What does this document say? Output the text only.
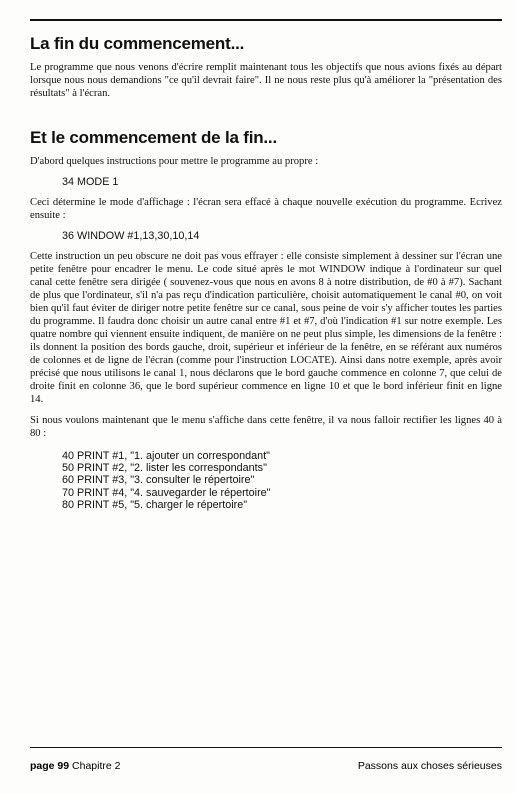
La fin du commencement...

Le programme que nous venons d'écrire remplit maintenant tous les objectifs que nous avions fixés au départ lorsque nous nous demandions "ce qu'il devrait faire". Il ne nous reste plus qu'à améliorer la "présentation des résultats" à l'écran.

Et le commencement de la fin...

D'abord quelques instructions pour mettre le programme au propre :

34 MODE 1

Ceci détermine le mode d'affichage : l'écran sera effacé à chaque nouvelle exécution du programme. Ecrivez ensuite :

36 WINDOW #1,13,30,10,14

Cette instruction un peu obscure ne doit pas vous effrayer : elle consiste simplement à dessiner sur l'écran une petite fenêtre pour encadrer le menu. Le code situé après le mot WINDOW indique à l'ordinateur sur quel canal cette fenêtre sera dirigée ( souvenez-vous que nous en avons 8 à notre distribution, de #0 à #7). Sachant de plus que l'ordinateur, s'il n'a pas reçu d'indication particulière, choisit automatiquement le canal #0, on voit bien qu'il faut éviter de diriger notre petite fenêtre sur ce canal, sous peine de voir s'y afficher toutes les parties du programme. Il faudra donc choisir un autre canal entre #1 et #7, d'où l'indication #1 sur notre exemple. Les quatre nombre qui viennent ensuite indiquent, de manière on ne peut plus simple, les dimensions de la fenêtre : ils donnent la position des bords gauche, droit, supérieur et inférieur de la fenêtre, en se référant aux numéros de colonnes et de ligne de l'écran (comme pour l'instruction LOCATE). Ainsi dans notre exemple, après avoir précisé que nous utilisons le canal 1, nous déclarons que le bord gauche commence en colonne 7, que celui de droite finit en colonne 36, que le bord supérieur commence en ligne 10 et que le bord inférieur finit en ligne 14.

Si nous voulons maintenant que le menu s'affiche dans cette fenêtre, il va nous falloir rectifier les lignes 40 à 80 :

40 PRINT #1, "1. ajouter un correspondant"
50 PRINT #2, "2. lister les correspondants"
60 PRINT #3, "3. consulter le répertoire"
70 PRINT #4, "4. sauvegarder le répertoire"
80 PRINT #5, "5. charger le répertoire"
page 99 Chapitre 2	Passons aux choses sérieuses
